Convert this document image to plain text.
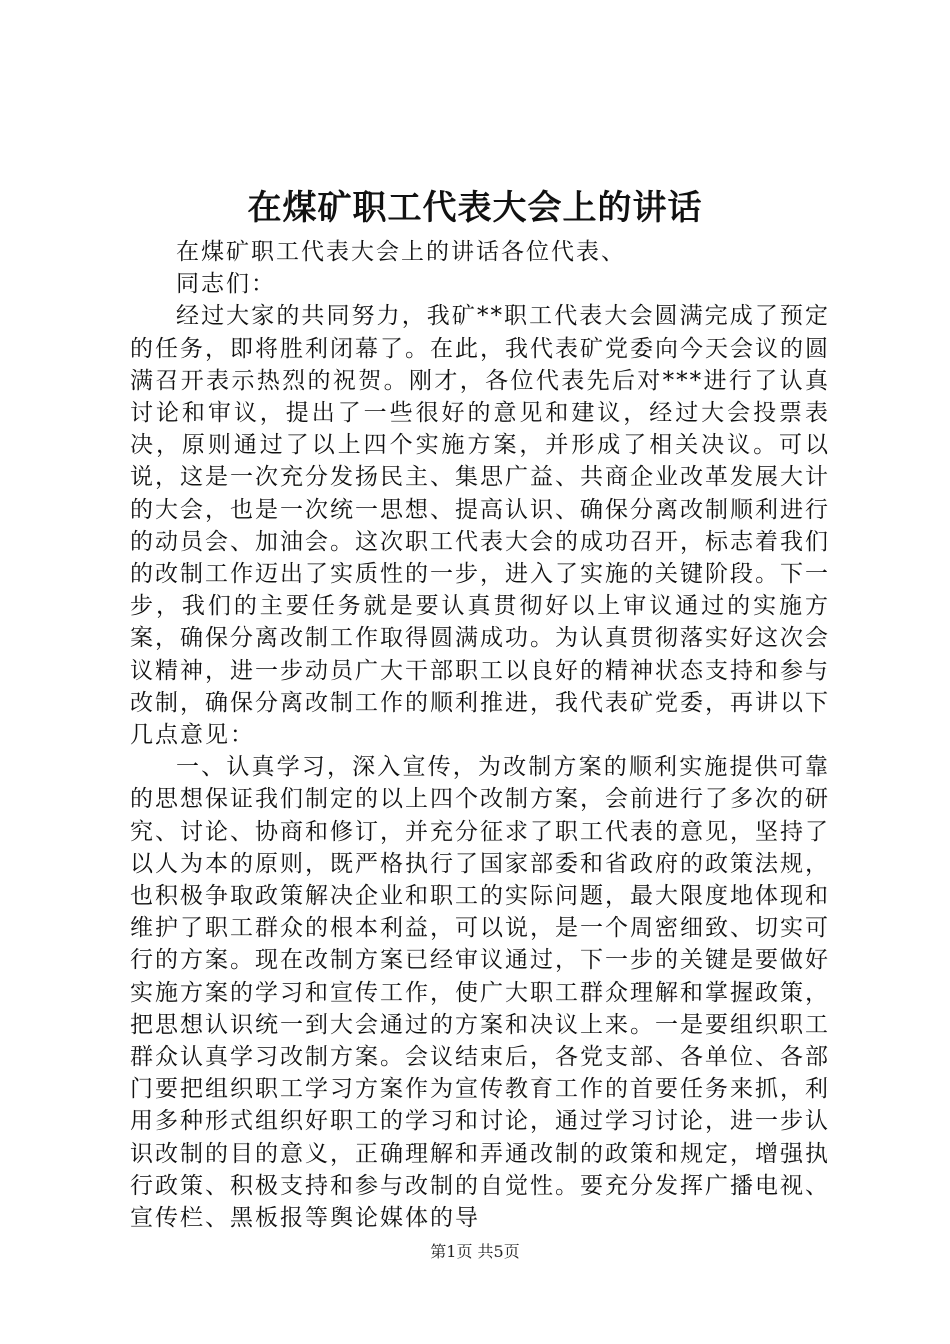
在煤矿职工代表大会上的讲话

在煤矿职工代表大会上的讲话各位代表、

同志们：

经过大家的共同努力，我矿**职工代表大会圆满完成了预定的任务，即将胜利闭幕了。在此，我代表矿党委向今天会议的圆满召开表示热烈的祝贺。刚才，各位代表先后对***进行了认真讨论和审议，提出了一些很好的意见和建议，经过大会投票表决，原则通过了以上四个实施方案，并形成了相关决议。可以说，这是一次充分发扬民主、集思广益、共商企业改革发展大计的大会，也是一次统一思想、提高认识、确保分离改制顺利进行的动员会、加油会。这次职工代表大会的成功召开，标志着我们的改制工作迈出了实质性的一步，进入了实施的关键阶段。下一步，我们的主要任务就是要认真贯彻好以上审议通过的实施方案，确保分离改制工作取得圆满成功。为认真贯彻落实好这次会议精神，进一步动员广大干部职工以良好的精神状态支持和参与改制，确保分离改制工作的顺利推进，我代表矿党委，再讲以下几点意见：

一、认真学习，深入宣传，为改制方案的顺利实施提供可靠的思想保证我们制定的以上四个改制方案，会前进行了多次的研究、讨论、协商和修订，并充分征求了职工代表的意见，坚持了以人为本的原则，既严格执行了国家部委和省政府的政策法规，也积极争取政策解决企业和职工的实际问题，最大限度地体现和维护了职工群众的根本利益，可以说，是一个周密细致、切实可行的方案。现在改制方案已经审议通过，下一步的关键是要做好实施方案的学习和宣传工作，使广大职工群众理解和掌握政策，把思想认识统一到大会通过的方案和决议上来。一是要组织职工群众认真学习改制方案。会议结束后，各党支部、各单位、各部门要把组织职工学习方案作为宣传教育工作的首要任务来抓，利用多种形式组织好职工的学习和讨论，通过学习讨论，进一步认识改制的目的意义，正确理解和弄通改制的政策和规定，增强执行政策、积极支持和参与改制的自觉性。要充分发挥广播电视、宣传栏、黑板报等舆论媒体的导

第1页 共5页
